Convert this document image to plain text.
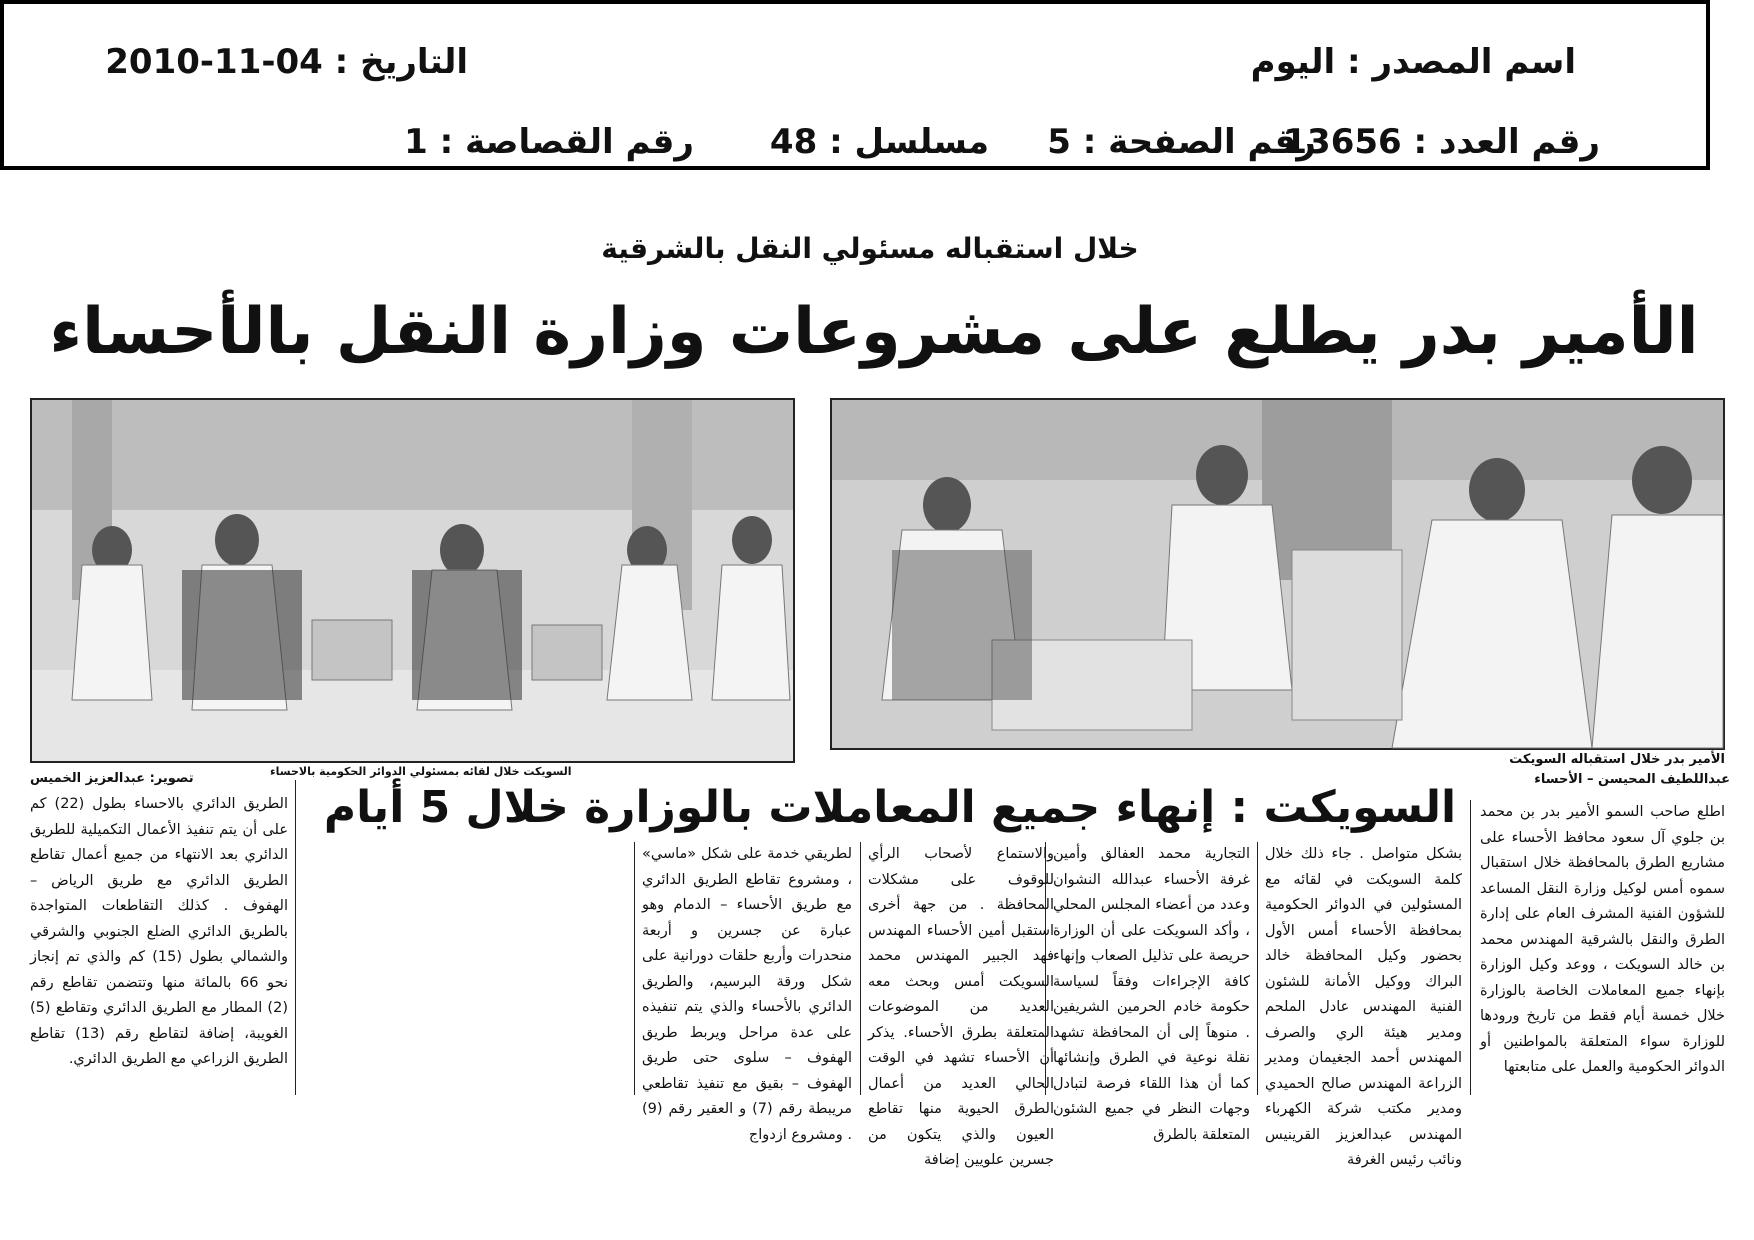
اسم المصدر : اليوم
التاريخ : 04-11-2010
رقم العدد : 13656
رقم الصفحة : 5
مسلسل : 48
رقم القصاصة : 1
خلال استقباله مسئولي النقل بالشرقية
الأمير بدر يطلع على مشروعات وزارة النقل بالأحساء
الأمير بدر خلال استقباله السويكت
عبداللطيف المحيسن – الأحساء
السويكت خلال لقائه بمسئولي الدوائر الحكومية بالاحساء
تصوير: عبدالعزيز الخميس
السويكت : إنهاء جميع المعاملات بالوزارة خلال 5 أيام اطلع صاحب السمو الأمير بدر بن محمد بن جلوي آل سعود محافظ الأحساء على مشاريع الطرق بالمحافظة خلال استقبال سموه أمس لوكيل وزارة النقل المساعد للشؤون الفنية المشرف العام على إدارة الطرق والنقل بالشرقية المهندس محمد بن خالد السويكت ، ووعد وكيل الوزارة بإنهاء جميع المعاملات الخاصة بالوزارة خلال خمسة أيام فقط من تاريخ ورودها للوزارة سواء المتعلقة بالمواطنين أو الدوائر الحكومية والعمل على متابعتها
بشكل متواصل . جاء ذلك خلال كلمة السويكت في لقائه مع المسئولين في الدوائر الحكومية بمحافظة الأحساء أمس الأول بحضور وكيل المحافظة خالد البراك ووكيل الأمانة للشئون الفنية المهندس عادل الملحم ومدير هيئة الري والصرف المهندس أحمد الجغيمان ومدير الزراعة المهندس صالح الحميدي ومدير مكتب شركة الكهرباء المهندس عبدالعزيز القرينيس ونائب رئيس الغرفة
التجارية محمد العفالق وأمين غرفة الأحساء عبدالله النشوان وعدد من أعضاء المجلس المحلي ، وأكد السويكت على أن الوزارة حريصة على تذليل الصعاب وإنهاء كافة الإجراءات وفقاً لسياسة حكومة خادم الحرمين الشريفين . منوهاً إلى أن المحافظة تشهد نقلة نوعية في الطرق وإنشائها كما أن هذا اللقاء فرصة لتبادل وجهات النظر في جميع الشئون المتعلقة بالطرق
والاستماع لأصحاب الرأي للوقوف على مشكلات المحافظة . من جهة أخرى استقبل أمين الأحساء المهندس فهد الجبير المهندس محمد السويكت أمس وبحث معه العديد من الموضوعات المتعلقة بطرق الأحساء. يذكر أن الأحساء تشهد في الوقت الحالي العديد من أعمال الطرق الحيوية منها تقاطع العيون والذي يتكون من جسرين علويين إضافة
لطريقي خدمة على شكل «ماسي» ، ومشروع تقاطع الطريق الدائري مع طريق الأحساء – الدمام وهو عبارة عن جسرين و أربعة منحدرات وأربع حلقات دورانية على شكل ورقة البرسيم، والطريق الدائري بالأحساء والذي يتم تنفيذه على عدة مراحل ويربط طريق الهفوف – سلوى حتى طريق الهفوف – بقيق مع تنفيذ تقاطعي مريبطة رقم (7) و العقير رقم (9) . ومشروع ازدواج
الطريق الدائري بالاحساء بطول (22) كم على أن يتم تنفيذ الأعمال التكميلية للطريق الدائري بعد الانتهاء من جميع أعمال تقاطع الطريق الدائري مع طريق الرياض – الهفوف . كذلك التقاطعات المتواجدة بالطريق الدائري الضلع الجنوبي والشرقي والشمالي بطول (15) كم والذي تم إنجاز نحو 66 بالمائة منها وتتضمن تقاطع رقم (2) المطار مع الطريق الدائري وتقاطع (5) الغويبة، إضافة لتقاطع رقم (13) تقاطع الطريق الزراعي مع الطريق الدائري.
